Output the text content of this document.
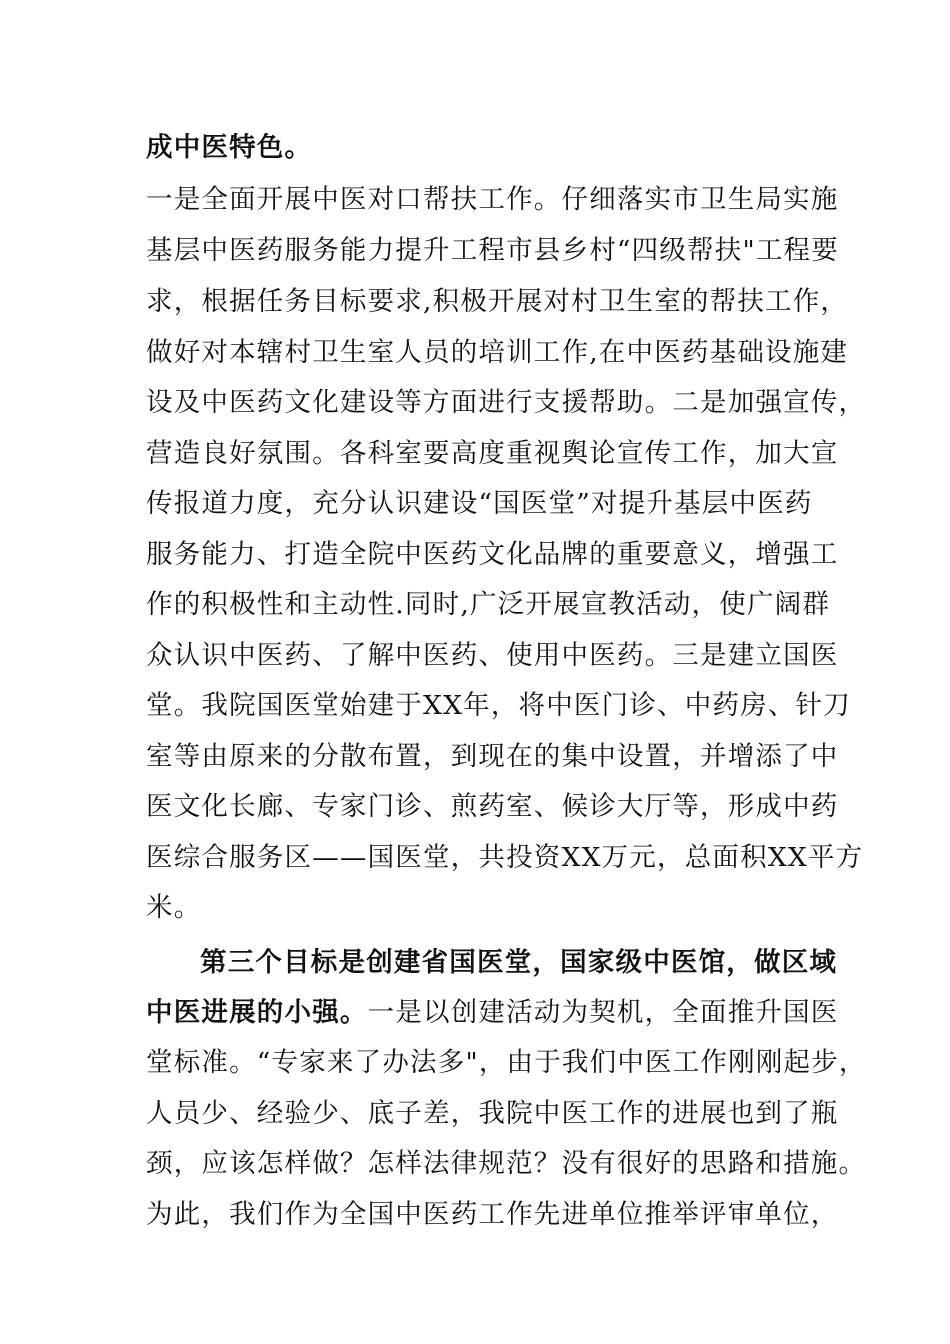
成中医特色。
一是全面开展中医对口帮扶工作。仔细落实市卫生局实施
基层中医药服务能力提升工程市县乡村“四级帮扶"工程要
求，根据任务目标要求,积极开展对村卫生室的帮扶工作，
做好对本辖村卫生室人员的培训工作,在中医药基础设施建
设及中医药文化建设等方面进行支援帮助。二是加强宣传，
营造良好氛围。各科室要高度重视舆论宣传工作，加大宣
传报道力度，充分认识建设“国医堂”对提升基层中医药
服务能力、打造全院中医药文化品牌的重要意义，增强工
作的积极性和主动性.同时,广泛开展宣教活动，使广阔群
众认识中医药、了解中医药、使用中医药。三是建立国医
堂。我院国医堂始建于XX年，将中医门诊、中药房、针刀
室等由原来的分散布置，到现在的集中设置，并增添了中
医文化长廊、专家门诊、煎药室、候诊大厅等，形成中药
医综合服务区——国医堂，共投资XX万元，总面积XX平方
米。
第三个目标是创建省国医堂，国家级中医馆，做区域
中医进展的小强。一是以创建活动为契机，全面推升国医
堂标准。“专家来了办法多"，由于我们中医工作刚刚起步，
人员少、经验少、底子差，我院中医工作的进展也到了瓶
颈，应该怎样做？怎样法律规范？没有很好的思路和措施。
为此，我们作为全国中医药工作先进单位推举评审单位，
